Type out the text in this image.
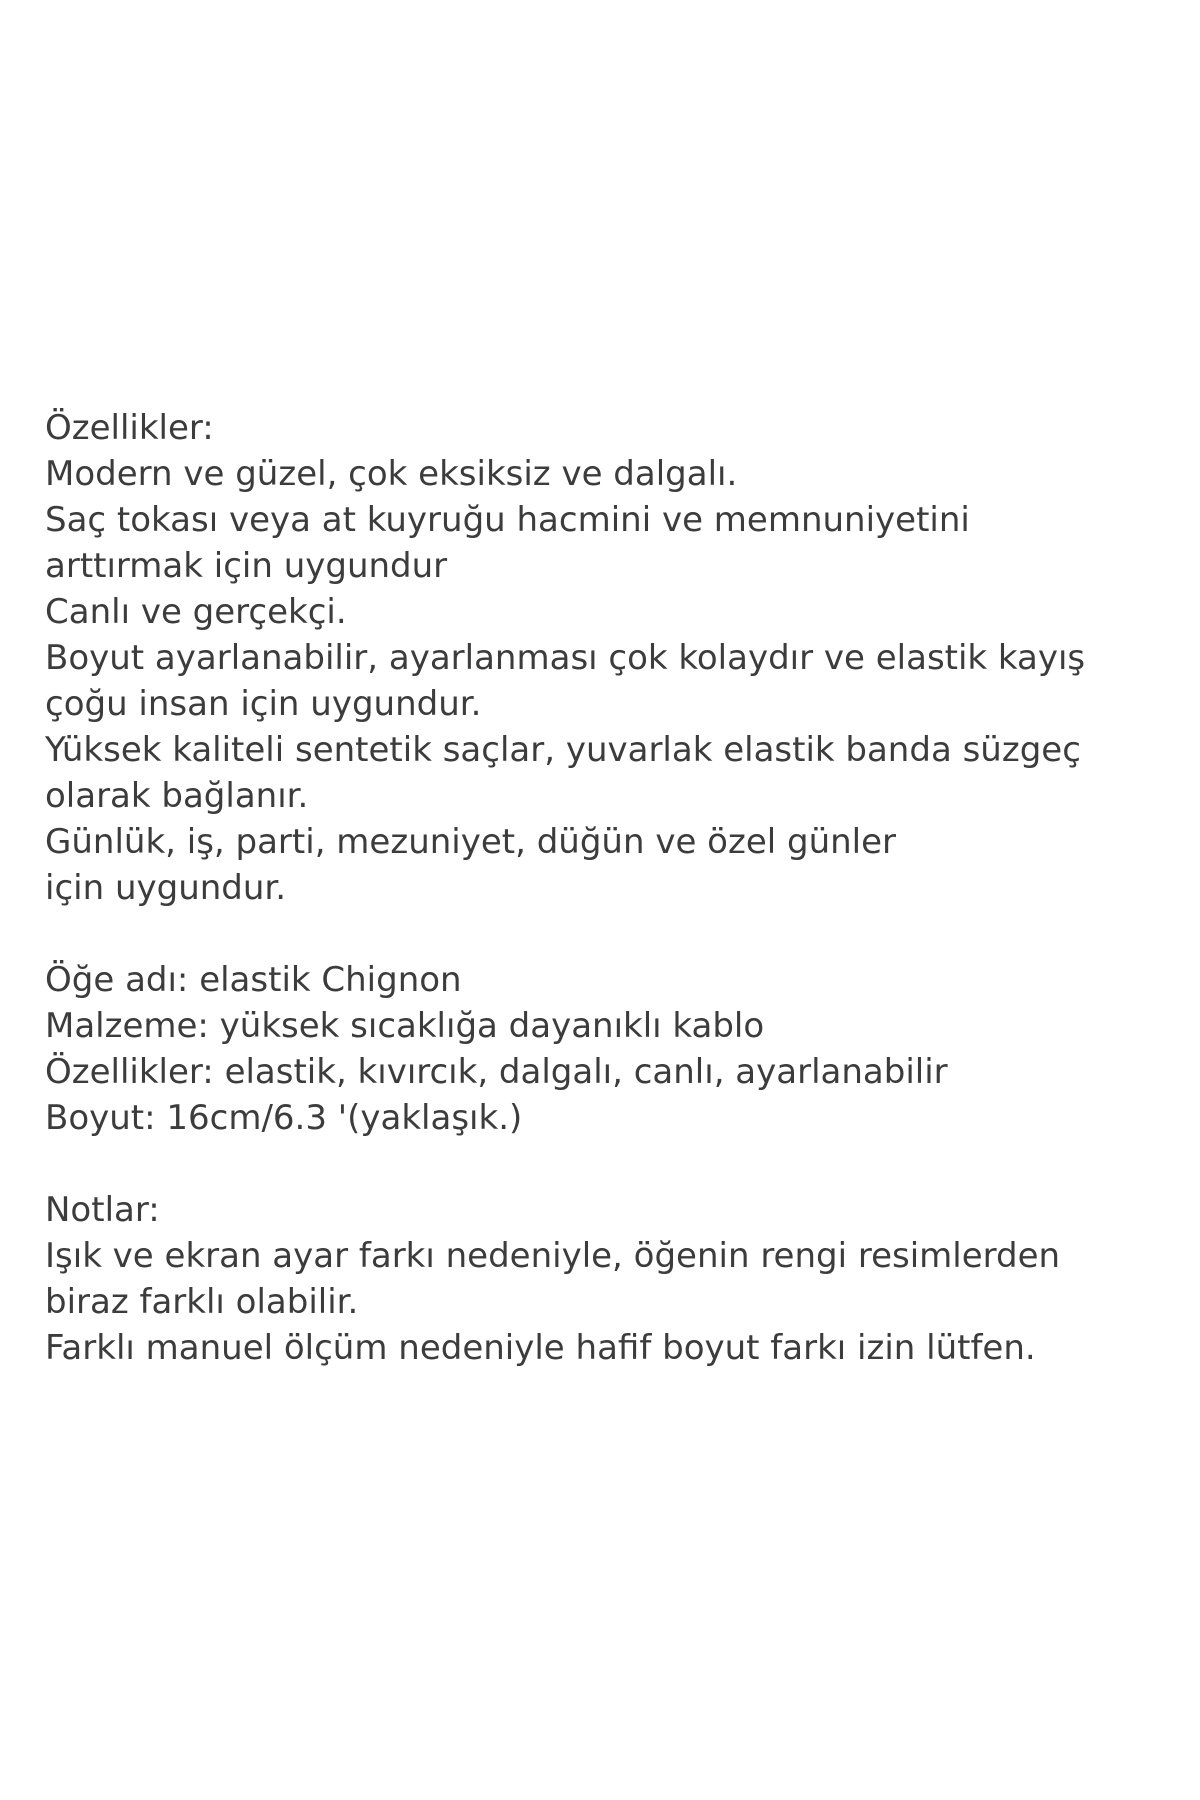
Özellikler:
Modern ve güzel, çok eksiksiz ve dalgalı.
Saç tokası veya at kuyruğu hacmini ve memnuniyetini
arttırmak için uygundur
Canlı ve gerçekçi.
Boyut ayarlanabilir, ayarlanması çok kolaydır ve elastik kayış
çoğu insan için uygundur.
Yüksek kaliteli sentetik saçlar, yuvarlak elastik banda süzgeç
olarak bağlanır.
Günlük, iş, parti, mezuniyet, düğün ve özel günler
için uygundur.
Öğe adı: elastik Chignon
Malzeme: yüksek sıcaklığa dayanıklı kablo
Özellikler: elastik, kıvırcık, dalgalı, canlı, ayarlanabilir
Boyut: 16cm/6.3 '(yaklaşık.)
Notlar:
Işık ve ekran ayar farkı nedeniyle, öğenin rengi resimlerden
biraz farklı olabilir.
Farklı manuel ölçüm nedeniyle hafif boyut farkı izin lütfen.
